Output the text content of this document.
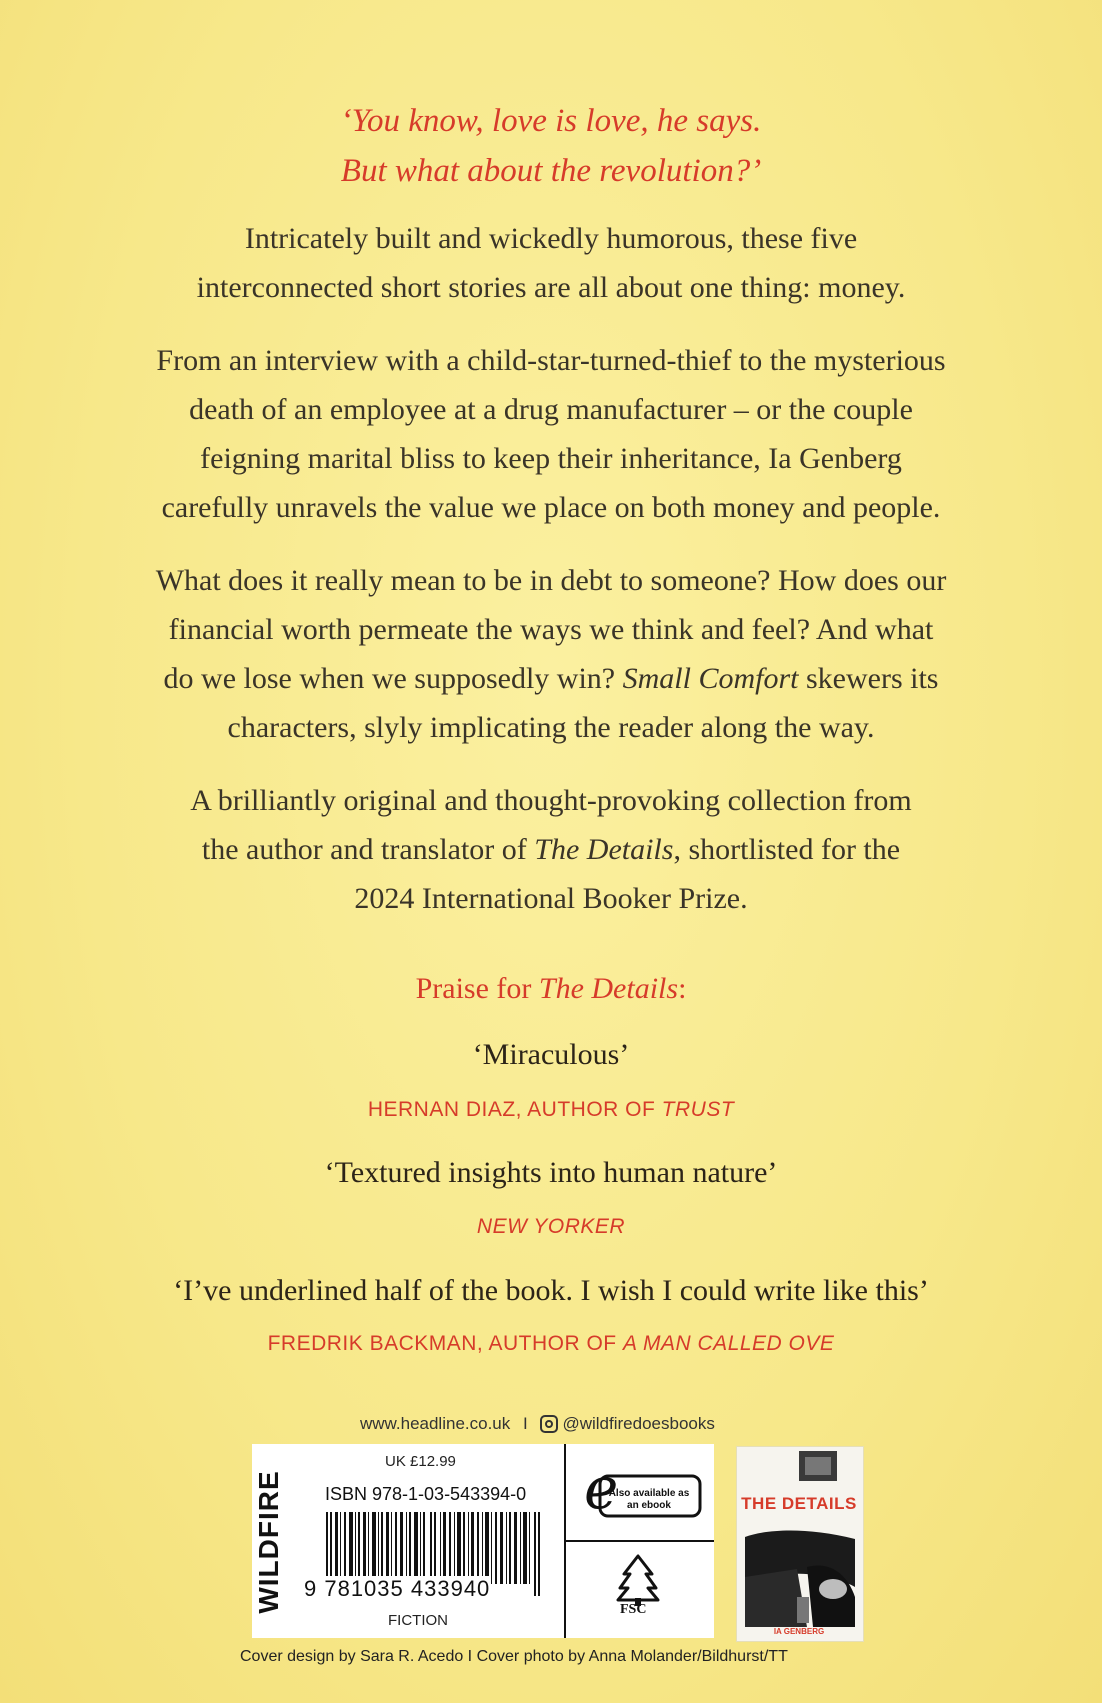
‘You know, love is love, he says.
But what about the revolution?’
Intricately built and wickedly humorous, these five
interconnected short stories are all about one thing: money.
From an interview with a child-star-turned-thief to the mysterious
death of an employee at a drug manufacturer – or the couple
feigning marital bliss to keep their inheritance, Ia Genberg
carefully unravels the value we place on both money and people.
What does it really mean to be in debt to someone? How does our
financial worth permeate the ways we think and feel? And what
do we lose when we supposedly win? Small Comfort skewers its
characters, slyly implicating the reader along the way.
A brilliantly original and thought-provoking collection from
the author and translator of The Details, shortlisted for the
2024 International Booker Prize.
Praise for The Details:
‘Miraculous’
HERNAN DIAZ, AUTHOR OF TRUST
‘Textured insights into human nature’
NEW YORKER
‘I’ve underlined half of the book. I wish I could write like this’
FREDRIK BACKMAN, AUTHOR OF A MAN CALLED OVE
www.headline.co.uk I @wildfiredoesbooks
WILDFIRE
UK £12.99
ISBN 978-1-03-543394-0
9 781035 433940
FICTION
e
Also available as an ebook
FSC
THE DETAILS
IA GENBERG
Cover design by Sara R. Acedo I Cover photo by Anna Molander/Bildhurst/TT
